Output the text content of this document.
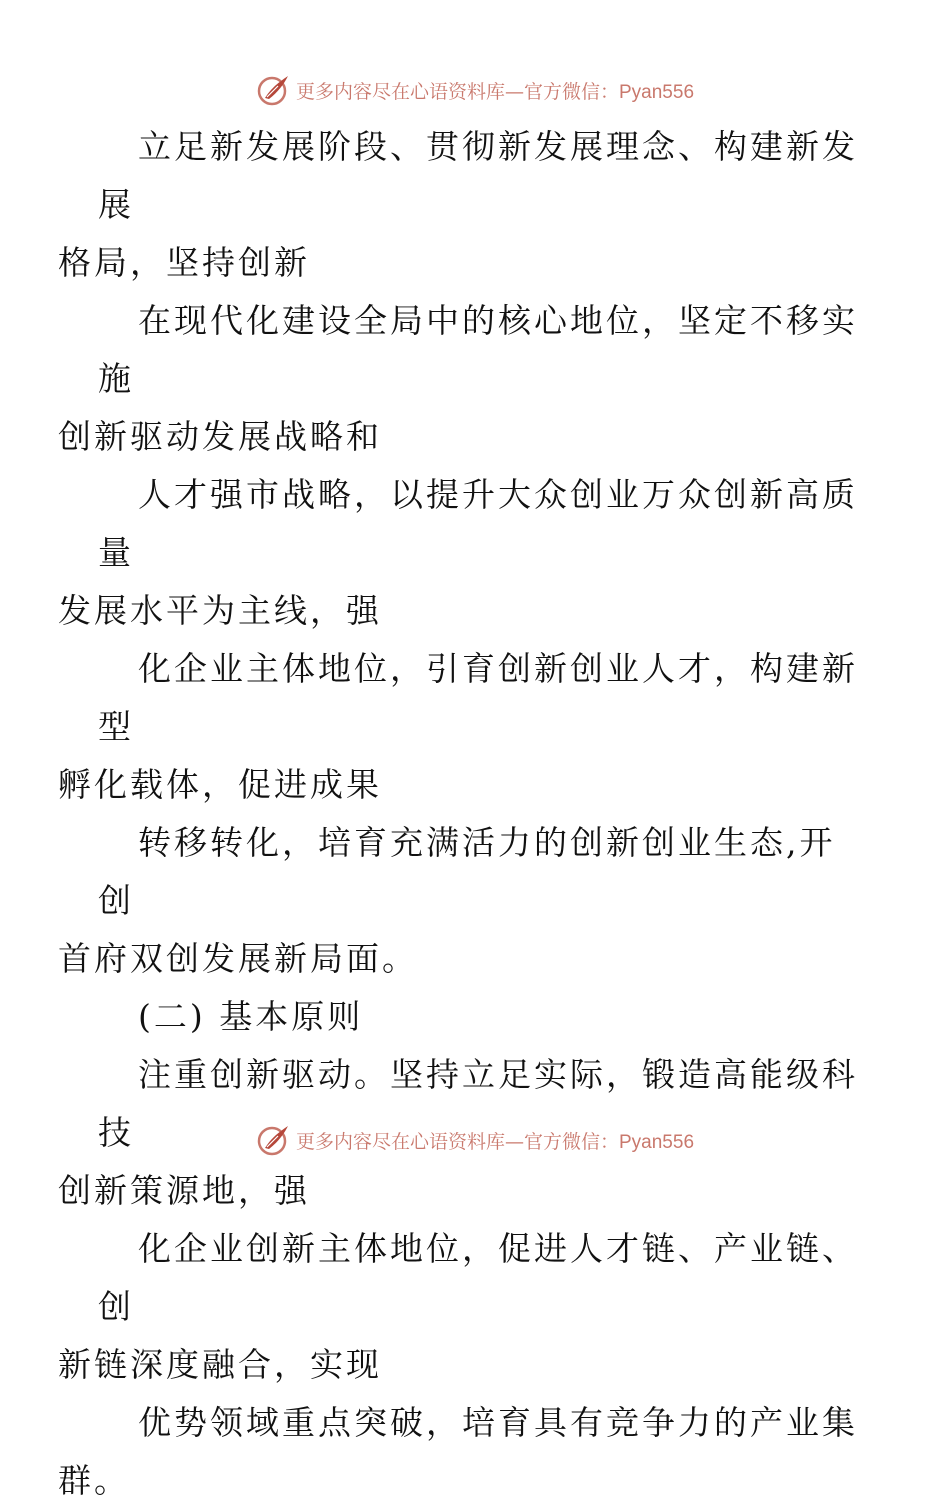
更多内容尽在心语资料库—官方微信：Pyan556

立足新发展阶段、贯彻新发展理念、构建新发展
格局，坚持创新

在现代化建设全局中的核心地位，坚定不移实施
创新驱动发展战略和

人才强市战略，以提升大众创业万众创新高质量
发展水平为主线，强

化企业主体地位，引育创新创业人才，构建新型
孵化载体，促进成果

转移转化，培育充满活力的创新创业生态,开创
首府双创发展新局面。

(二) 基本原则

注重创新驱动。坚持立足实际，锻造高能级科技
创新策源地，强

化企业创新主体地位，促进人才链、产业链、创
新链深度融合，实现

优势领域重点突破，培育具有竞争力的产业集
群。

更多内容尽在心语资料库—官方微信：Pyan556
